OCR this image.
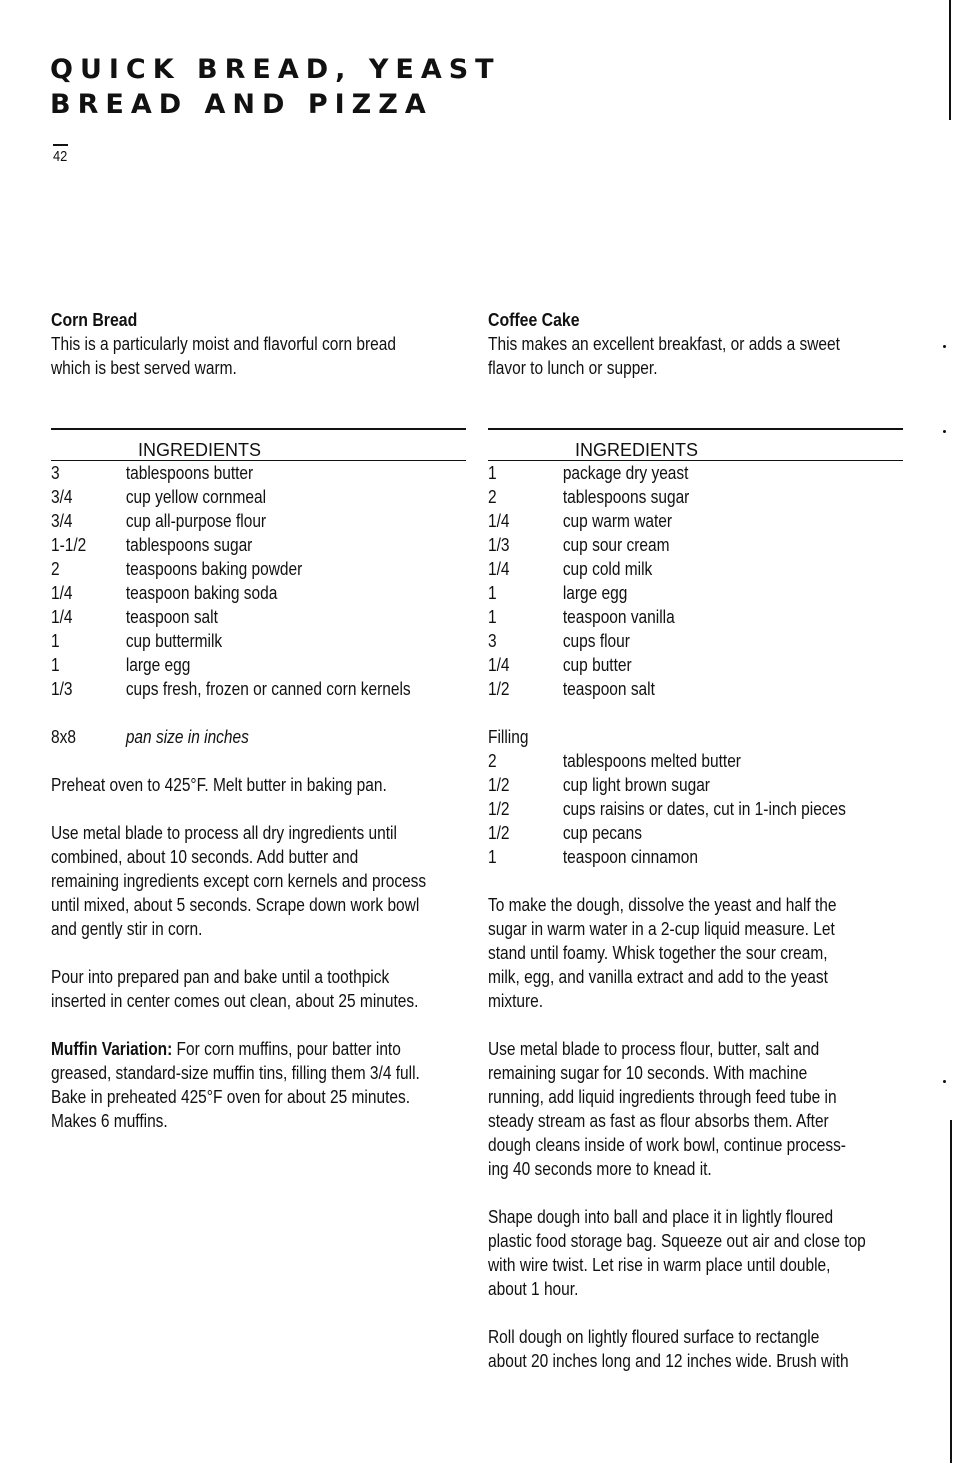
QUICK BREAD, YEAST
BREAD AND PIZZA
42
Corn Bread

This is a particularly moist and flavorful corn bread

which is best served warm.

INGREDIENTS
3	tablespoons butter
3/4	cup yellow cornmeal
3/4	cup all-purpose flour
1-1/2	tablespoons sugar
2	teaspoons baking powder
1/4	teaspoon baking soda
1/4	teaspoon salt
1	cup buttermilk
1	large egg
1/3	cups fresh, frozen or canned corn kernels
8x8	pan size in inches

Preheat oven to 425°F. Melt butter in baking pan.

Use metal blade to process all dry ingredients until

combined, about 10 seconds. Add butter and

remaining ingredients except corn kernels and process

until mixed, about 5 seconds. Scrape down work bowl

and gently stir in corn.

Pour into prepared pan and bake until a toothpick

inserted in center comes out clean, about 25 minutes.

Muffin Variation: For corn muffins, pour batter into

greased, standard-size muffin tins, filling them 3/4 full.

Bake in preheated 425°F oven for about 25 minutes.

Makes 6 muffins.

Coffee Cake

This makes an excellent breakfast, or adds a sweet

flavor to lunch or supper.

INGREDIENTS
1	package dry yeast
2	tablespoons sugar
1/4	cup warm water
1/3	cup sour cream
1/4	cup cold milk
1	large egg
1	teaspoon vanilla
3	cups flour
1/4	cup butter
1/2	teaspoon salt

Filling

2	tablespoons melted butter
1/2	cup light brown sugar
1/2	cups raisins or dates, cut in 1-inch pieces
1/2	cup pecans
1	teaspoon cinnamon

To make the dough, dissolve the yeast and half the

sugar in warm water in a 2-cup liquid measure. Let

stand until foamy. Whisk together the sour cream,

milk, egg, and vanilla extract and add to the yeast

mixture.

Use metal blade to process flour, butter, salt and

remaining sugar for 10 seconds. With machine

running, add liquid ingredients through feed tube in

steady stream as fast as flour absorbs them. After

dough cleans inside of work bowl, continue process-

ing 40 seconds more to knead it.

Shape dough into ball and place it in lightly floured

plastic food storage bag. Squeeze out air and close top

with wire twist. Let rise in warm place until double,

about 1 hour.

Roll dough on lightly floured surface to rectangle

about 20 inches long and 12 inches wide. Brush with
